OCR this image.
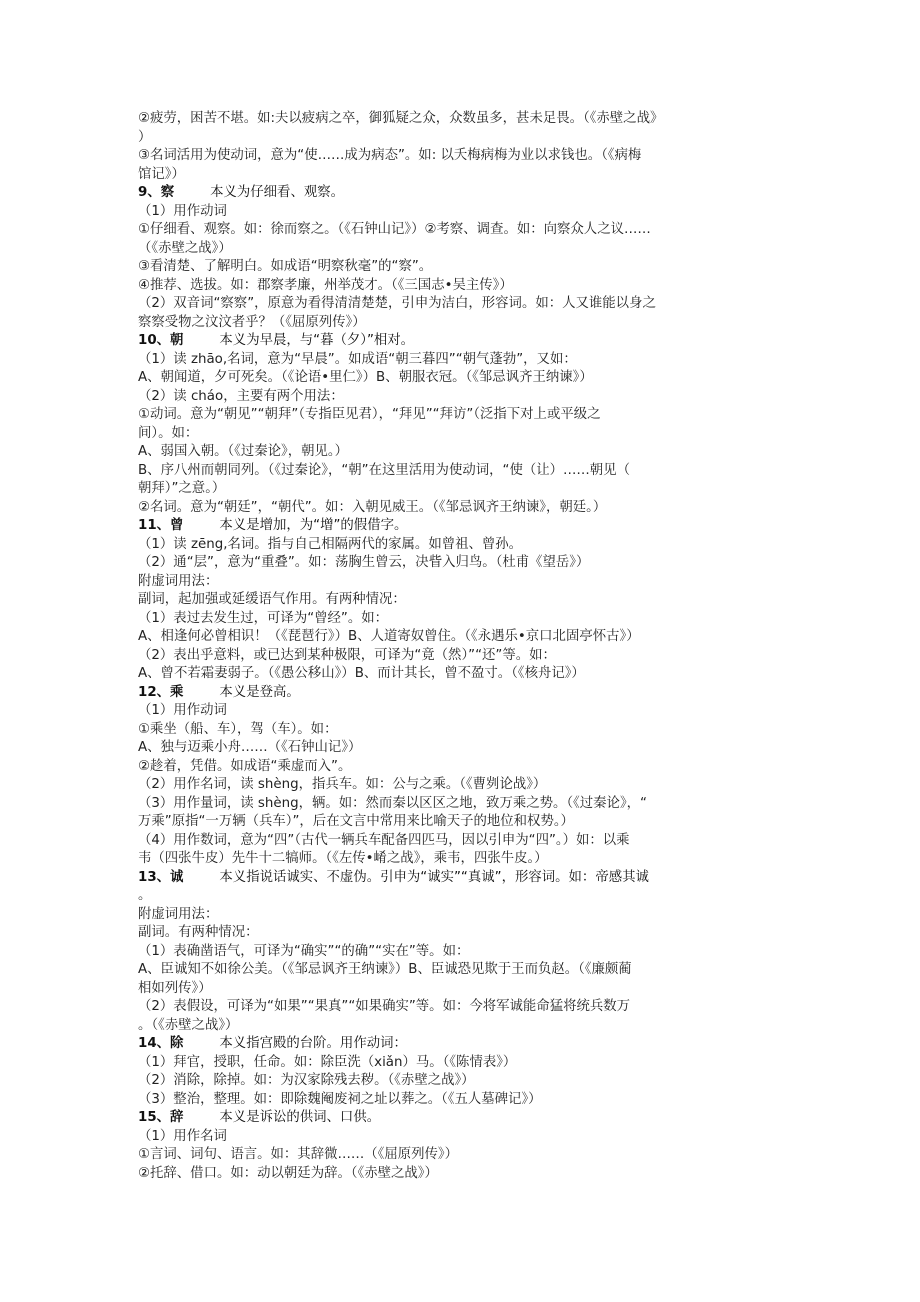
②疲劳，困苦不堪。如:夫以疲病之卒，御狐疑之众，众数虽多，甚未足畏。（《赤壁之战》
）
③名词活用为使动词，意为“使……成为病态”。如: 以夭梅病梅为业以求钱也。（《病梅
馆记》）
9、察	本义为仔细看、观察。
（1）用作动词
①仔细看、观察。如：徐而察之。（《石钟山记》）②考察、调查。如：向察众人之议……
（《赤壁之战》）
③看清楚、了解明白。如成语“明察秋毫”的“察”。
④推荐、选拔。如：郡察孝廉，州举茂才。（《三国志•吴主传》）
（2）双音词“察察”，原意为看得清清楚楚，引申为洁白，形容词。如：人又谁能以身之
察察受物之汶汶者乎？（《屈原列传》）
10、朝	本义为早晨，与“暮（夕）”相对。
（1）读 zhāo,名词，意为“早晨”。如成语“朝三暮四”“朝气蓬勃”，又如：
A、朝闻道，夕可死矣。（《论语•里仁》）B、朝服衣冠。（《邹忌讽齐王纳谏》）
（2）读 cháo，主要有两个用法：
①动词。意为“朝见”“朝拜”（专指臣见君），“拜见”“拜访”（泛指下对上或平级之
间）。如：
A、弱国入朝。（《过秦论》，朝见。）
B、序八州而朝同列。（《过秦论》，“朝”在这里活用为使动词，“使（让）……朝见（
朝拜）”之意。）
②名词。意为“朝廷”，“朝代”。如：入朝见威王。（《邹忌讽齐王纳谏》，朝廷。）
11、曾	本义是增加，为“增”的假借字。
（1）读 zēng,名词。指与自己相隔两代的家属。如曾祖、曾孙。
（2）通“层”，意为“重叠”。如：荡胸生曾云，决眥入归鸟。（杜甫《望岳》）
附虚词用法：
副词，起加强或延缓语气作用。有两种情况：
（1）表过去发生过，可译为“曾经”。如：
A、相逢何必曾相识！（《琵琶行》）B、人道寄奴曾住。（《永遇乐•京口北固亭怀古》）
（2）表出乎意料，或已达到某种极限，可译为“竟（然）”“还”等。如：
A、曾不若霜妻弱子。（《愚公移山》）B、而计其长，曾不盈寸。（《核舟记》）
12、乘	本义是登高。
（1）用作动词
①乘坐（船、车），驾（车）。如：
A、独与迈乘小舟……（《石钟山记》）
②趁着，凭借。如成语“乘虚而入”。
（2）用作名词，读 shèng，指兵车。如：公与之乘。（《曹刿论战》）
（3）用作量词，读 shèng，辆。如：然而秦以区区之地，致万乘之势。（《过秦论》，“
万乘”原指“一万辆（兵车）”，后在文言中常用来比喻天子的地位和权势。）
（4）用作数词，意为“四”（古代一辆兵车配备四匹马，因以引申为“四”。）如：以乘
韦（四张牛皮）先牛十二犒师。（《左传•崤之战》，乘韦，四张牛皮。）
13、诚	本义指说话诚实、不虚伪。引申为“诚实”“真诚”，形容词。如：帝感其诚
。
附虚词用法：
副词。有两种情况：
（1）表确凿语气，可译为“确实”“的确”“实在”等。如：
A、臣诚知不如徐公美。（《邹忌讽齐王纳谏》）B、臣诚恐见欺于王而负赵。（《廉颇蔺
相如列传》）
（2）表假设，可译为“如果”“果真”“如果确实”等。如：今将军诚能命猛将统兵数万
。（《赤壁之战》）
14、除	本义指宫殿的台阶。用作动词：
（1）拜官，授职，任命。如：除臣洗（xiǎn）马。（《陈情表》）
（2）消除，除掉。如：为汉家除残去秽。（《赤壁之战》）
（3）整治，整理。如：即除魏阉废祠之址以葬之。（《五人墓碑记》）
15、辞	本义是诉讼的供词、口供。
（1）用作名词
①言词、词句、语言。如：其辞微……（《屈原列传》）
②托辞、借口。如：动以朝廷为辞。（《赤壁之战》）
